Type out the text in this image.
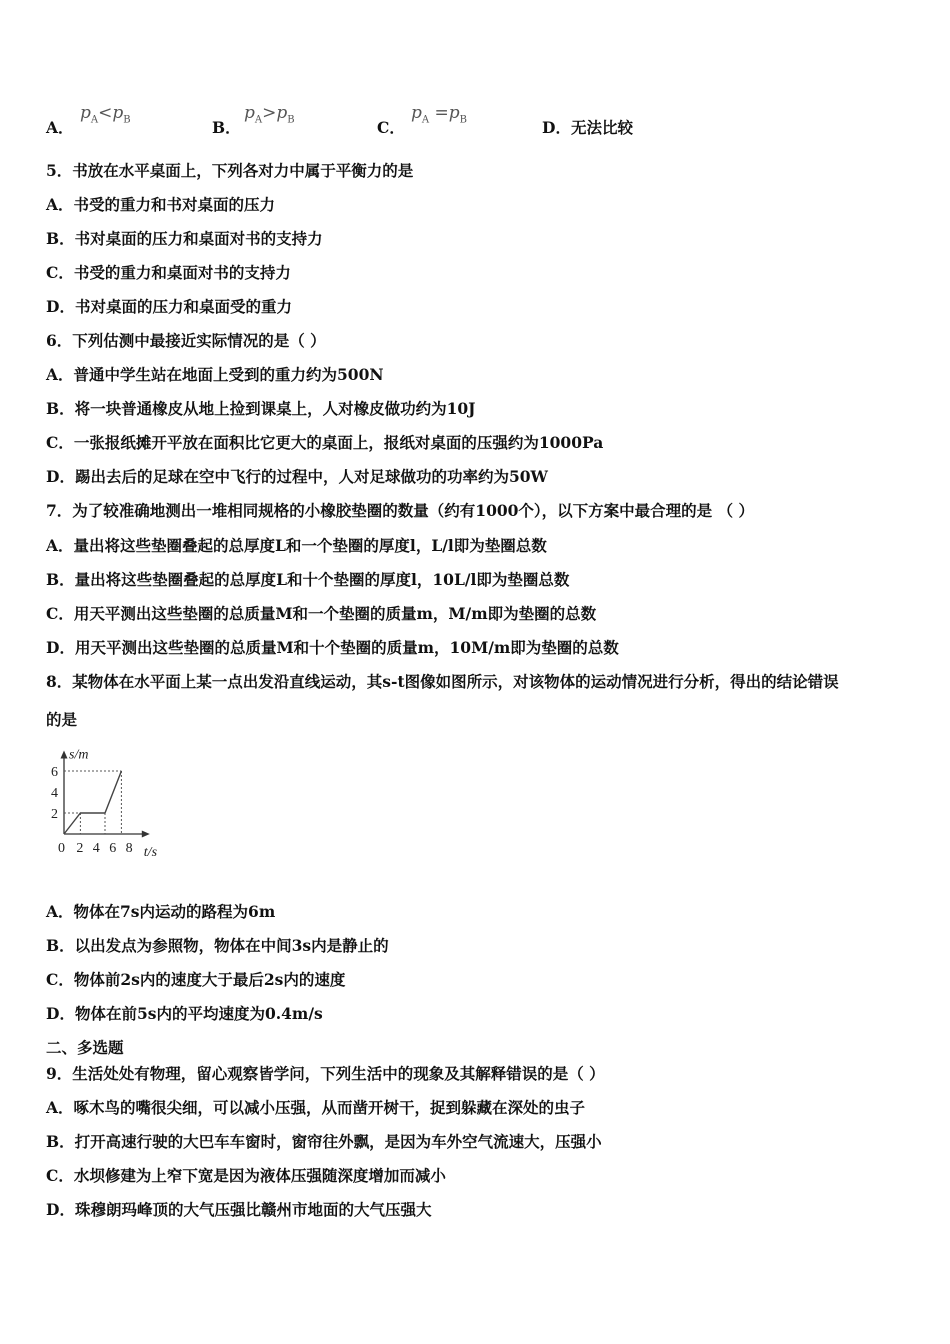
A．
$p_A<p_B$	B．
$p_A>p_B$	C．
$p_A =p_B$	D．无法比较
5．书放在水平桌面上，下列各对力中属于平衡力的是
A．书受的重力和书对桌面的压力
B．书对桌面的压力和桌面对书的支持力
C．书受的重力和桌面对书的支持力
D．书对桌面的压力和桌面受的重力
6．下列估测中最接近实际情况的是（ ）
A．普通中学生站在地面上受到的重力约为500N
B．将一块普通橡皮从地上捡到课桌上，人对橡皮做功约为10J
C．一张报纸摊开平放在面积比它更大的桌面上，报纸对桌面的压强约为1000Pa
D．踢出去后的足球在空中飞行的过程中，人对足球做功的功率约为50W
7．为了较准确地测出一堆相同规格的小橡胶垫圈的数量（约有1000个），以下方案中最合理的是 （ ）
A．量出将这些垫圈叠起的总厚度L和一个垫圈的厚度l，L/l即为垫圈总数
B．量出将这些垫圈叠起的总厚度L和十个垫圈的厚度l，10L/l即为垫圈总数
C．用天平测出这些垫圈的总质量M和一个垫圈的质量m，M/m即为垫圈的总数
D．用天平测出这些垫圈的总质量M和十个垫圈的质量m，10M/m即为垫圈的总数
8．某物体在水平面上某一点出发沿直线运动，其s-t图像如图所示，对该物体的运动情况进行分析，得出的结论错误
的是
0 2 4 6 8
2
4
6
t/s
s/m
A．物体在7s内运动的路程为6m
B．以出发点为参照物，物体在中间3s内是静止的
C．物体前2s内的速度大于最后2s内的速度
D．物体在前5s内的平均速度为0.4m/s
二、多选题
9．生活处处有物理，留心观察皆学问，下列生活中的现象及其解释错误的是（ ）
A．啄木鸟的嘴很尖细，可以减小压强，从而凿开树干，捉到躲藏在深处的虫子
B．打开高速行驶的大巴车车窗时，窗帘往外飘，是因为车外空气流速大，压强小
C．水坝修建为上窄下宽是因为液体压强随深度增加而减小
D．珠穆朗玛峰顶的大气压强比赣州市地面的大气压强大
